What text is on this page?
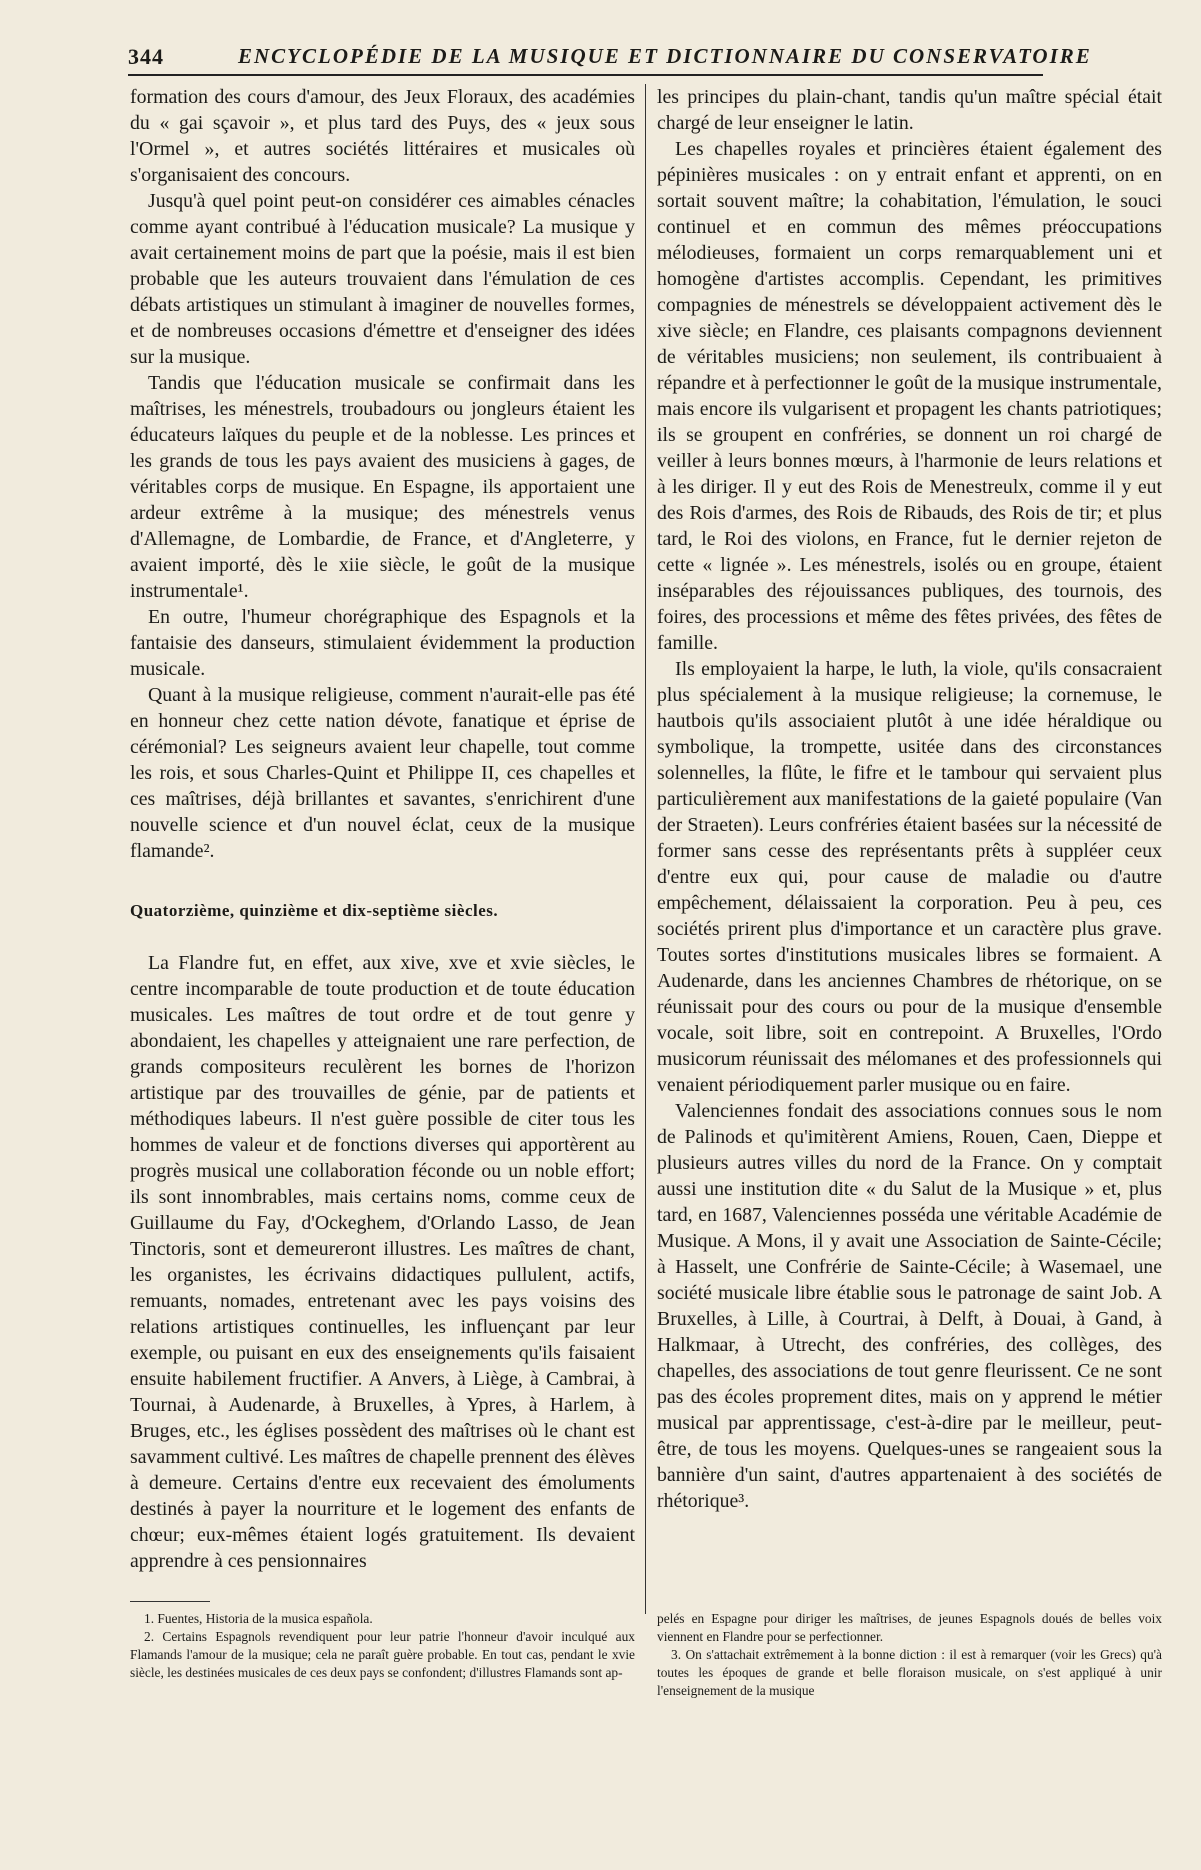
344	ENCYCLOPÉDIE DE LA MUSIQUE ET DICTIONNAIRE DU CONSERVATOIRE

formation des cours d'amour, des Jeux Floraux, des académies du « gai sçavoir », et plus tard des Puys, des « jeux sous l'Ormel », et autres sociétés littéraires et musicales où s'organisaient des concours.

Jusqu'à quel point peut-on considérer ces aimables cénacles comme ayant contribué à l'éducation musicale? La musique y avait certainement moins de part que la poésie, mais il est bien probable que les auteurs trouvaient dans l'émulation de ces débats artistiques un stimulant à imaginer de nouvelles formes, et de nombreuses occasions d'émettre et d'enseigner des idées sur la musique.

Tandis que l'éducation musicale se confirmait dans les maîtrises, les ménestrels, troubadours ou jongleurs étaient les éducateurs laïques du peuple et de la noblesse. Les princes et les grands de tous les pays avaient des musiciens à gages, de véritables corps de musique. En Espagne, ils apportaient une ardeur extrême à la musique; des ménestrels venus d'Allemagne, de Lombardie, de France, et d'Angleterre, y avaient importé, dès le xiie siècle, le goût de la musique instrumentale¹.

En outre, l'humeur chorégraphique des Espagnols et la fantaisie des danseurs, stimulaient évidemment la production musicale.

Quant à la musique religieuse, comment n'aurait-elle pas été en honneur chez cette nation dévote, fanatique et éprise de cérémonial? Les seigneurs avaient leur chapelle, tout comme les rois, et sous Charles-Quint et Philippe II, ces chapelles et ces maîtrises, déjà brillantes et savantes, s'enrichirent d'une nouvelle science et d'un nouvel éclat, ceux de la musique flamande².

Quatorzième, quinzième et dix-septième siècles.

La Flandre fut, en effet, aux xive, xve et xvie siècles, le centre incomparable de toute production et de toute éducation musicales. Les maîtres de tout ordre et de tout genre y abondaient, les chapelles y atteignaient une rare perfection, de grands compositeurs reculèrent les bornes de l'horizon artistique par des trouvailles de génie, par de patients et méthodiques labeurs. Il n'est guère possible de citer tous les hommes de valeur et de fonctions diverses qui apportèrent au progrès musical une collaboration féconde ou un noble effort; ils sont innombrables, mais certains noms, comme ceux de Guillaume du Fay, d'Ockeghem, d'Orlando Lasso, de Jean Tinctoris, sont et demeureront illustres. Les maîtres de chant, les organistes, les écrivains didactiques pullulent, actifs, remuants, nomades, entretenant avec les pays voisins des relations artistiques continuelles, les influençant par leur exemple, ou puisant en eux des enseignements qu'ils faisaient ensuite habilement fructifier. A Anvers, à Liège, à Cambrai, à Tournai, à Audenarde, à Bruxelles, à Ypres, à Harlem, à Bruges, etc., les églises possèdent des maîtrises où le chant est savamment cultivé. Les maîtres de chapelle prennent des élèves à demeure. Certains d'entre eux recevaient des émoluments destinés à payer la nourriture et le logement des enfants de chœur; eux-mêmes étaient logés gratuitement. Ils devaient apprendre à ces pensionnaires

les principes du plain-chant, tandis qu'un maître spécial était chargé de leur enseigner le latin.

Les chapelles royales et princières étaient également des pépinières musicales : on y entrait enfant et apprenti, on en sortait souvent maître; la cohabitation, l'émulation, le souci continuel et en commun des mêmes préoccupations mélodieuses, formaient un corps remarquablement uni et homogène d'artistes accomplis. Cependant, les primitives compagnies de ménestrels se développaient activement dès le xive siècle; en Flandre, ces plaisants compagnons deviennent de véritables musiciens; non seulement, ils contribuaient à répandre et à perfectionner le goût de la musique instrumentale, mais encore ils vulgarisent et propagent les chants patriotiques; ils se groupent en confréries, se donnent un roi chargé de veiller à leurs bonnes mœurs, à l'harmonie de leurs relations et à les diriger. Il y eut des Rois de Menestreulx, comme il y eut des Rois d'armes, des Rois de Ribauds, des Rois de tir; et plus tard, le Roi des violons, en France, fut le dernier rejeton de cette « lignée ». Les ménestrels, isolés ou en groupe, étaient inséparables des réjouissances publiques, des tournois, des foires, des processions et même des fêtes privées, des fêtes de famille.

Ils employaient la harpe, le luth, la viole, qu'ils consacraient plus spécialement à la musique religieuse; la cornemuse, le hautbois qu'ils associaient plutôt à une idée héraldique ou symbolique, la trompette, usitée dans des circonstances solennelles, la flûte, le fifre et le tambour qui servaient plus particulièrement aux manifestations de la gaieté populaire (Van der Straeten). Leurs confréries étaient basées sur la nécessité de former sans cesse des représentants prêts à suppléer ceux d'entre eux qui, pour cause de maladie ou d'autre empêchement, délaissaient la corporation. Peu à peu, ces sociétés prirent plus d'importance et un caractère plus grave. Toutes sortes d'institutions musicales libres se formaient. A Audenarde, dans les anciennes Chambres de rhétorique, on se réunissait pour des cours ou pour de la musique d'ensemble vocale, soit libre, soit en contrepoint. A Bruxelles, l'Ordo musicorum réunissait des mélomanes et des professionnels qui venaient périodiquement parler musique ou en faire.

Valenciennes fondait des associations connues sous le nom de Palinods et qu'imitèrent Amiens, Rouen, Caen, Dieppe et plusieurs autres villes du nord de la France. On y comptait aussi une institution dite « du Salut de la Musique » et, plus tard, en 1687, Valenciennes posséda une véritable Académie de Musique. A Mons, il y avait une Association de Sainte-Cécile; à Hasselt, une Confrérie de Sainte-Cécile; à Wasemael, une société musicale libre établie sous le patronage de saint Job. A Bruxelles, à Lille, à Courtrai, à Delft, à Douai, à Gand, à Halkmaar, à Utrecht, des confréries, des collèges, des chapelles, des associations de tout genre fleurissent. Ce ne sont pas des écoles proprement dites, mais on y apprend le métier musical par apprentissage, c'est-à-dire par le meilleur, peut-être, de tous les moyens. Quelques-unes se rangeaient sous la bannière d'un saint, d'autres appartenaient à des sociétés de rhétorique³.

1. Fuentes, Historia de la musica española.

2. Certains Espagnols revendiquent pour leur patrie l'honneur d'avoir inculqué aux Flamands l'amour de la musique; cela ne paraît guère probable. En tout cas, pendant le xvie siècle, les destinées musicales de ces deux pays se confondent; d'illustres Flamands sont ap-

pelés en Espagne pour diriger les maîtrises, de jeunes Espagnols doués de belles voix viennent en Flandre pour se perfectionner.

3. On s'attachait extrêmement à la bonne diction : il est à remarquer (voir les Grecs) qu'à toutes les époques de grande et belle floraison musicale, on s'est appliqué à unir l'enseignement de la musique
